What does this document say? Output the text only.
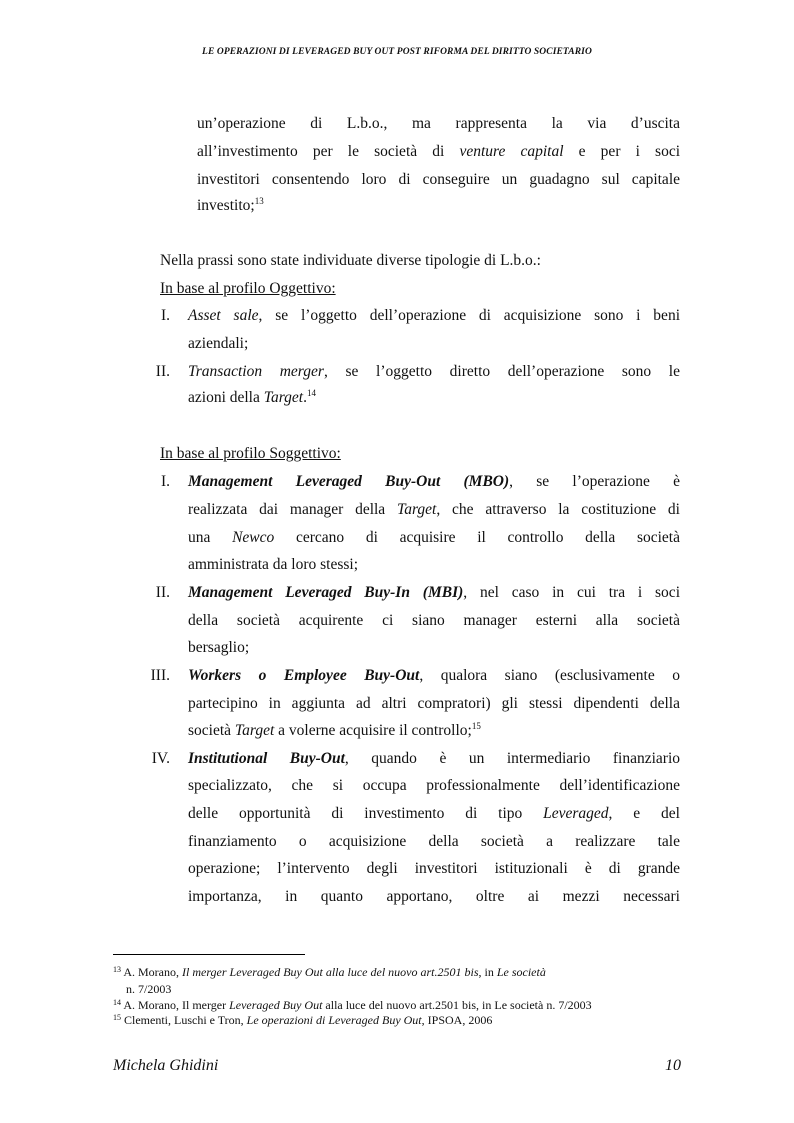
LE OPERAZIONI DI LEVERAGED BUY OUT POST RIFORMA DEL DIRITTO SOCIETARIO
un’operazione di L.b.o., ma rappresenta la via d’uscita
all’investimento per le società di venture capital e per i soci
investitori consentendo loro di conseguire un guadagno sul capitale
investito;$^{13}$
Nella prassi sono state individuate diverse tipologie di L.b.o.:
In base al profilo Oggettivo:
I. Asset sale, se l’oggetto dell’operazione di acquisizione sono i beni
aziendali;
II. Transaction merger, se l’oggetto diretto dell’operazione sono le
azioni della Target.$^{14}$
In base al profilo Soggettivo:
I. Management Leveraged Buy-Out (MBO), se l’operazione è
realizzata dai manager della Target, che attraverso la costituzione di
una Newco cercano di acquisire il controllo della società
amministrata da loro stessi;
II. Management Leveraged Buy-In (MBI), nel caso in cui tra i soci
della società acquirente ci siano manager esterni alla società
bersaglio;
III. Workers o Employee Buy-Out, qualora siano (esclusivamente o
partecipino in aggiunta ad altri compratori) gli stessi dipendenti della
società Target a volerne acquisire il controllo;$^{15}$
IV. Institutional Buy-Out, quando è un intermediario finanziario
specializzato, che si occupa professionalmente dell’identificazione
delle opportunità di investimento di tipo Leveraged, e del
finanziamento o acquisizione della società a realizzare tale
operazione; l’intervento degli investitori istituzionali è di grande
importanza, in quanto apportano, oltre ai mezzi necessari
$^{13}$ A. Morano, Il merger Leveraged Buy Out alla luce del nuovo art.2501 bis, in Le società
n. 7/2003
$^{14}$ A. Morano, Il merger Leveraged Buy Out alla luce del nuovo art.2501 bis, in Le società n. 7/2003
$^{15}$ Clementi, Luschi e Tron, Le operazioni di Leveraged Buy Out, IPSOA, 2006
Michela Ghidini	10
